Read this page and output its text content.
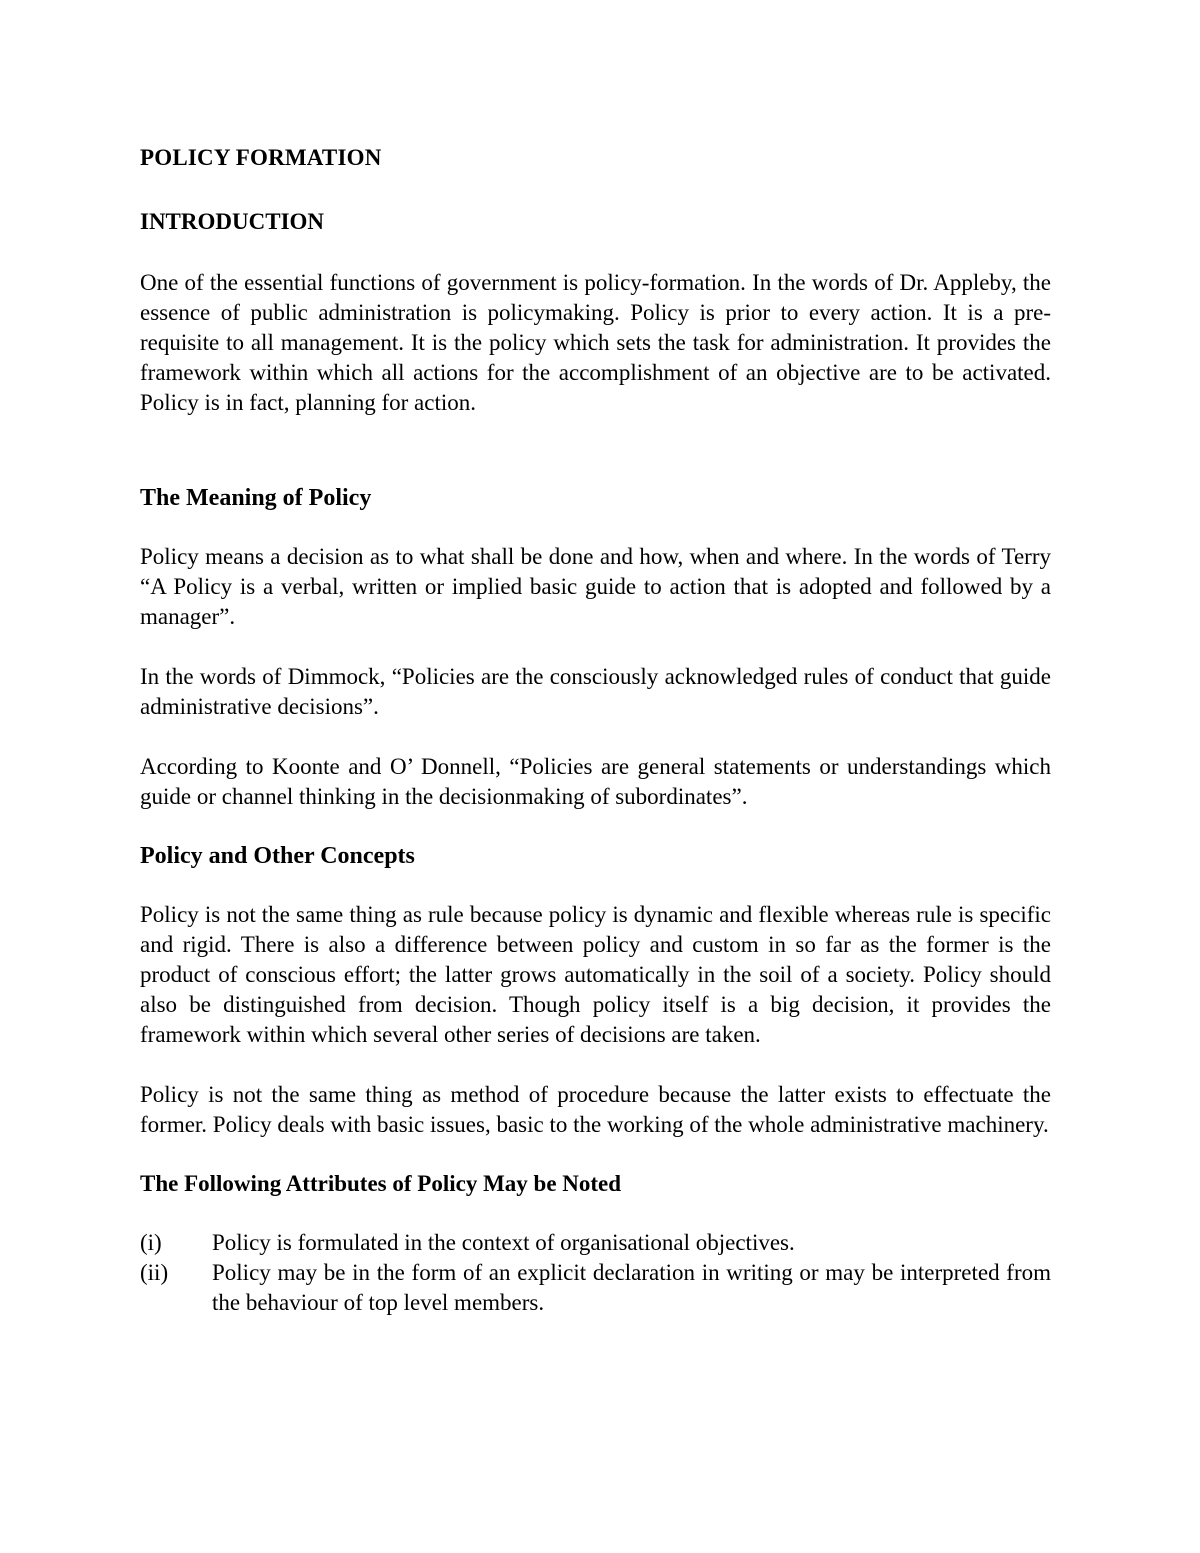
POLICY FORMATION
INTRODUCTION

One of the essential functions of government is policy-formation. In the words of Dr. Appleby, the essence of public administration is policymaking. Policy is prior to every action. It is a pre-requisite to all management. It is the policy which sets the task for administration. It provides the framework within which all actions for the accomplishment of an objective are to be activated. Policy is in fact, planning for action.

The Meaning of Policy

Policy means a decision as to what shall be done and how, when and where. In the words of Terry “A Policy is a verbal, written or implied basic guide to action that is adopted and followed by a manager”.

In the words of Dimmock, “Policies are the consciously acknowledged rules of conduct that guide administrative decisions”.

According to Koonte and O’ Donnell, “Policies are general statements or understandings which guide or channel thinking in the decisionmaking of subordinates”.

Policy and Other Concepts

Policy is not the same thing as rule because policy is dynamic and flexible whereas rule is specific and rigid. There is also a difference between policy and custom in so far as the former is the product of conscious effort; the latter grows automatically in the soil of a society. Policy should also be distinguished from decision. Though policy itself is a big decision, it provides the framework within which several other series of decisions are taken.

Policy is not the same thing as method of procedure because the latter exists to effectuate the former. Policy deals with basic issues, basic to the working of the whole administrative machinery.

The Following Attributes of Policy May be Noted
(i)	Policy is formulated in the context of organisational objectives.
(ii)	Policy may be in the form of an explicit declaration in writing or may be interpreted from the behaviour of top level members.
